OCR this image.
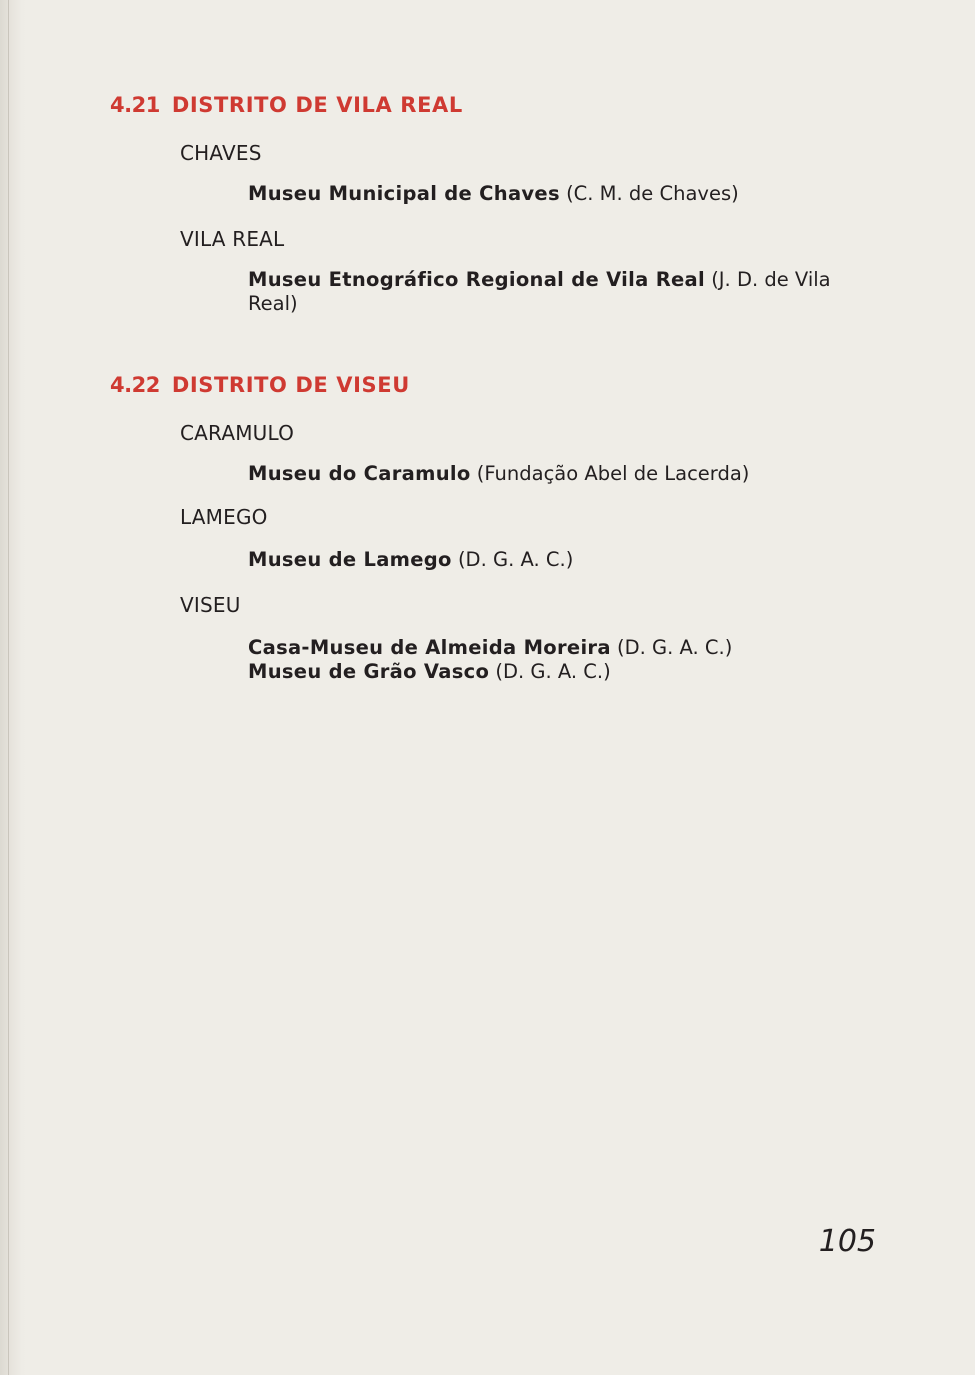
4.21 DISTRITO DE VILA REAL
CHAVES
Museu Municipal de Chaves (C. M. de Chaves)
VILA REAL
Museu Etnográfico Regional de Vila Real (J. D. de Vila Real)
4.22 DISTRITO DE VISEU
CARAMULO
Museu do Caramulo (Fundação Abel de Lacerda)
LAMEGO
Museu de Lamego (D. G. A. C.)
VISEU
Casa-Museu de Almeida Moreira (D. G. A. C.)
Museu de Grão Vasco (D. G. A. C.)
105
